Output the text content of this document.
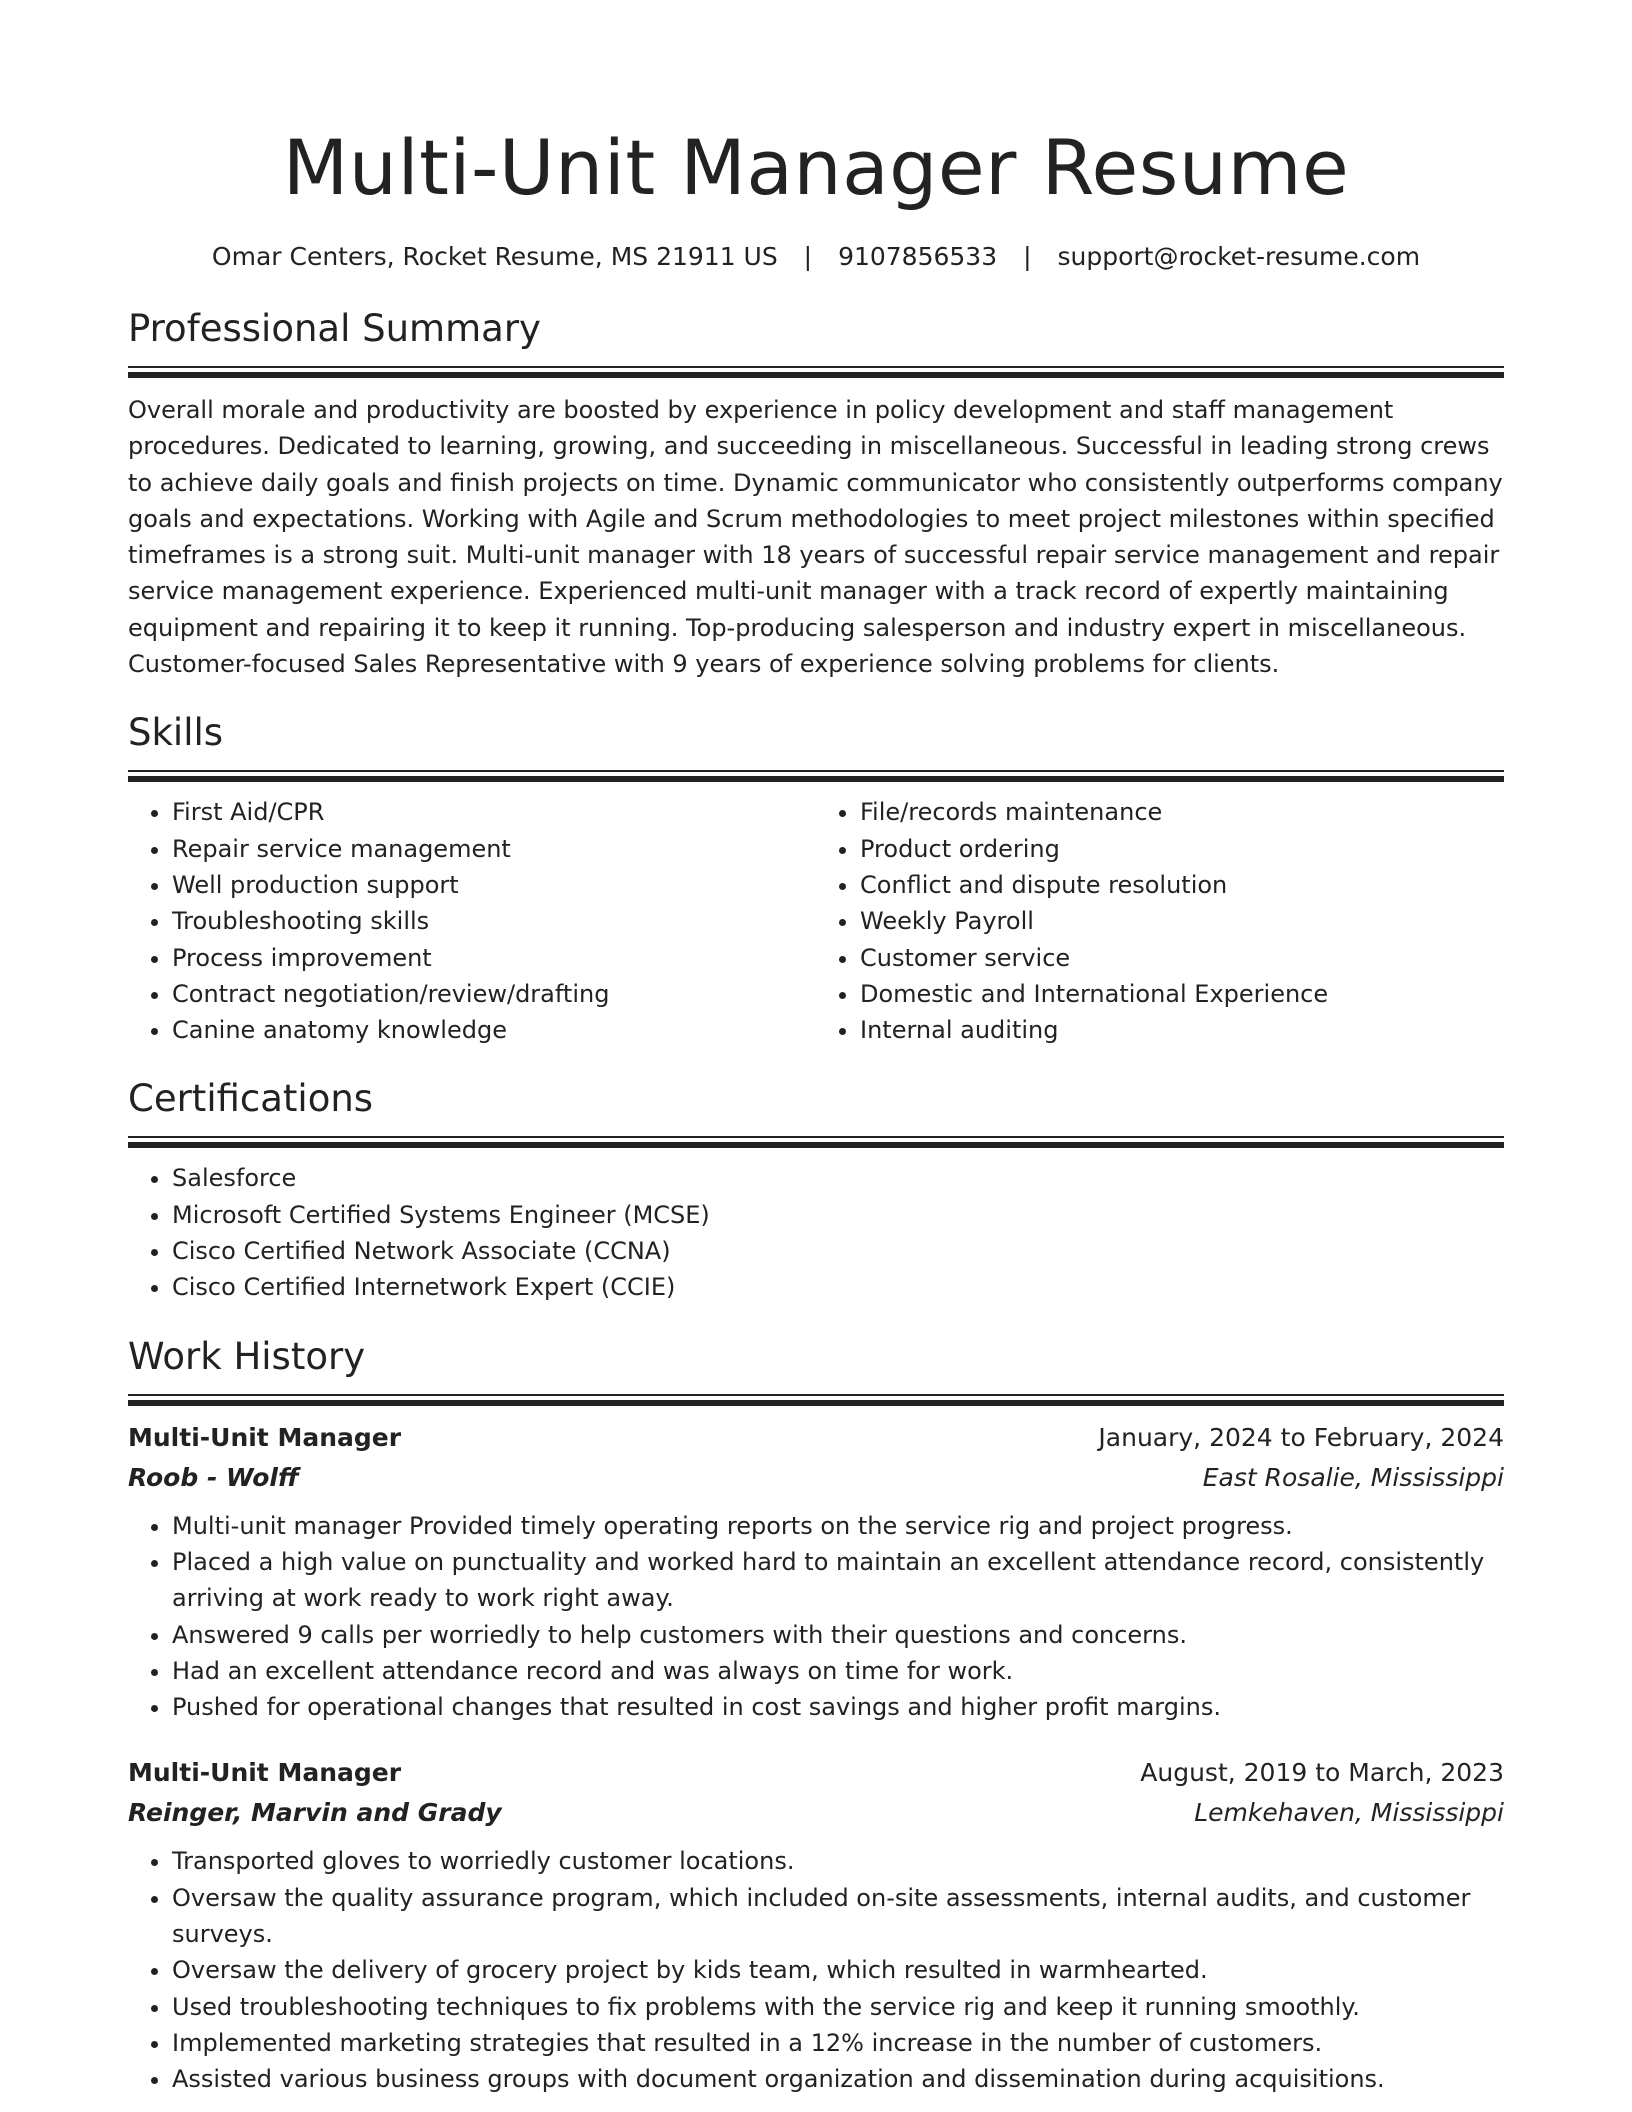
Multi-Unit Manager Resume
Omar Centers, Rocket Resume, MS 21911 US | 9107856533 | support@rocket-resume.com
Professional Summary

Overall morale and productivity are boosted by experience in policy development and staff management procedures. Dedicated to learning, growing, and succeeding in miscellaneous. Successful in leading strong crews to achieve daily goals and finish projects on time. Dynamic communicator who consistently outperforms company goals and expectations. Working with Agile and Scrum methodologies to meet project milestones within specified timeframes is a strong suit. Multi-unit manager with 18 years of successful repair service management and repair service management experience. Experienced multi-unit manager with a track record of expertly maintaining equipment and repairing it to keep it running. Top-producing salesperson and industry expert in miscellaneous. Customer-focused Sales Representative with 9 years of experience solving problems for clients.

Skills
• First Aid/CPR
• Repair service management
• Well production support
• Troubleshooting skills
• Process improvement
• Contract negotiation/review/drafting
• Canine anatomy knowledge
• File/records maintenance
• Product ordering
• Conflict and dispute resolution
• Weekly Payroll
• Customer service
• Domestic and International Experience
• Internal auditing
Certifications
• Salesforce
• Microsoft Certified Systems Engineer (MCSE)
• Cisco Certified Network Associate (CCNA)
• Cisco Certified Internetwork Expert (CCIE)
Work History
Multi-Unit Manager	January, 2024 to February, 2024
Roob - Wolff	East Rosalie, Mississippi
• Multi-unit manager Provided timely operating reports on the service rig and project progress.
• Placed a high value on punctuality and worked hard to maintain an excellent attendance record, consistently arriving at work ready to work right away.
• Answered 9 calls per worriedly to help customers with their questions and concerns.
• Had an excellent attendance record and was always on time for work.
• Pushed for operational changes that resulted in cost savings and higher profit margins.
Multi-Unit Manager	August, 2019 to March, 2023
Reinger, Marvin and Grady	Lemkehaven, Mississippi
• Transported gloves to worriedly customer locations.
• Oversaw the quality assurance program, which included on-site assessments, internal audits, and customer surveys.
• Oversaw the delivery of grocery project by kids team, which resulted in warmhearted.
• Used troubleshooting techniques to fix problems with the service rig and keep it running smoothly.
• Implemented marketing strategies that resulted in a 12% increase in the number of customers.
• Assisted various business groups with document organization and dissemination during acquisitions.
